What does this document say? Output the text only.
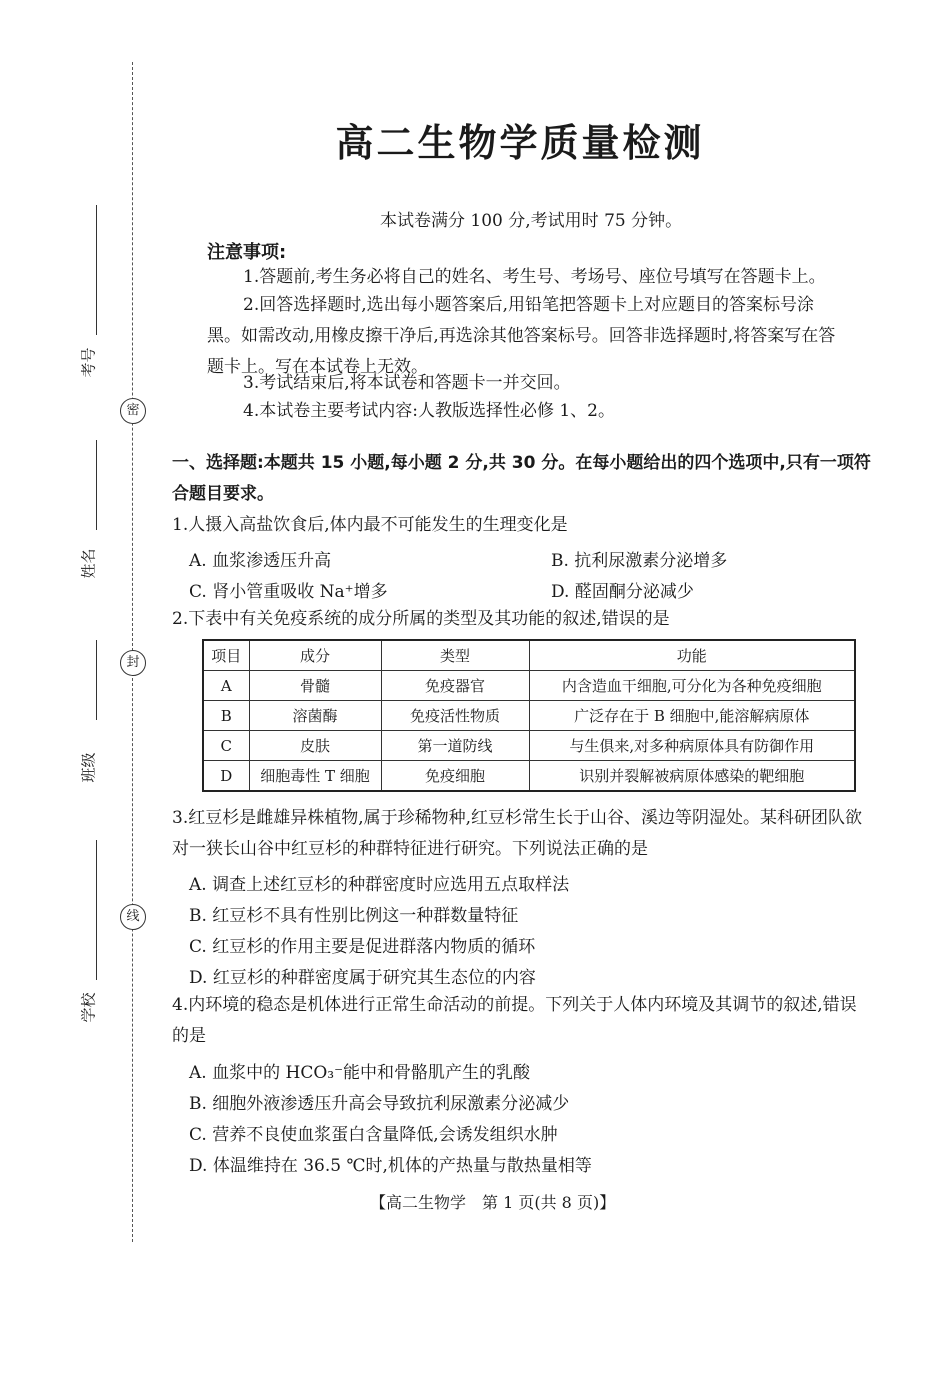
密
封
线
考号
姓名
班级
学校
高二生物学质量检测
本试卷满分 100 分,考试用时 75 分钟。
注意事项:
1.答题前,考生务必将自己的姓名、考生号、考场号、座位号填写在答题卡上。
2.回答选择题时,选出每小题答案后,用铅笔把答题卡上对应题目的答案标号涂黑。如需改动,用橡皮擦干净后,再选涂其他答案标号。回答非选择题时,将答案写在答题卡上。写在本试卷上无效。
3.考试结束后,将本试卷和答题卡一并交回。
4.本试卷主要考试内容:人教版选择性必修 1、2。
一、选择题:本题共 15 小题,每小题 2 分,共 30 分。在每小题给出的四个选项中,只有一项符合题目要求。
1.人摄入高盐饮食后,体内最不可能发生的生理变化是
A. 血浆渗透压升高	B. 抗利尿激素分泌增多
C. 肾小管重吸收 Na⁺增多	D. 醛固酮分泌减少
2.下表中有关免疫系统的成分所属的类型及其功能的叙述,错误的是
项目	成分	类型	功能
A	骨髓	免疫器官	内含造血干细胞,可分化为各种免疫细胞
B	溶菌酶	免疫活性物质	广泛存在于 B 细胞中,能溶解病原体
C	皮肤	第一道防线	与生俱来,对多种病原体具有防御作用
D	细胞毒性 T 细胞	免疫细胞	识别并裂解被病原体感染的靶细胞
3.红豆杉是雌雄异株植物,属于珍稀物种,红豆杉常生长于山谷、溪边等阴湿处。某科研团队欲对一狭长山谷中红豆杉的种群特征进行研究。下列说法正确的是
A. 调查上述红豆杉的种群密度时应选用五点取样法
B. 红豆杉不具有性别比例这一种群数量特征
C. 红豆杉的作用主要是促进群落内物质的循环
D. 红豆杉的种群密度属于研究其生态位的内容
4.内环境的稳态是机体进行正常生命活动的前提。下列关于人体内环境及其调节的叙述,错误的是
A. 血浆中的 HCO₃⁻能中和骨骼肌产生的乳酸
B. 细胞外液渗透压升高会导致抗利尿激素分泌减少
C. 营养不良使血浆蛋白含量降低,会诱发组织水肿
D. 体温维持在 36.5 ℃时,机体的产热量与散热量相等
【高二生物学　第 1 页(共 8 页)】
